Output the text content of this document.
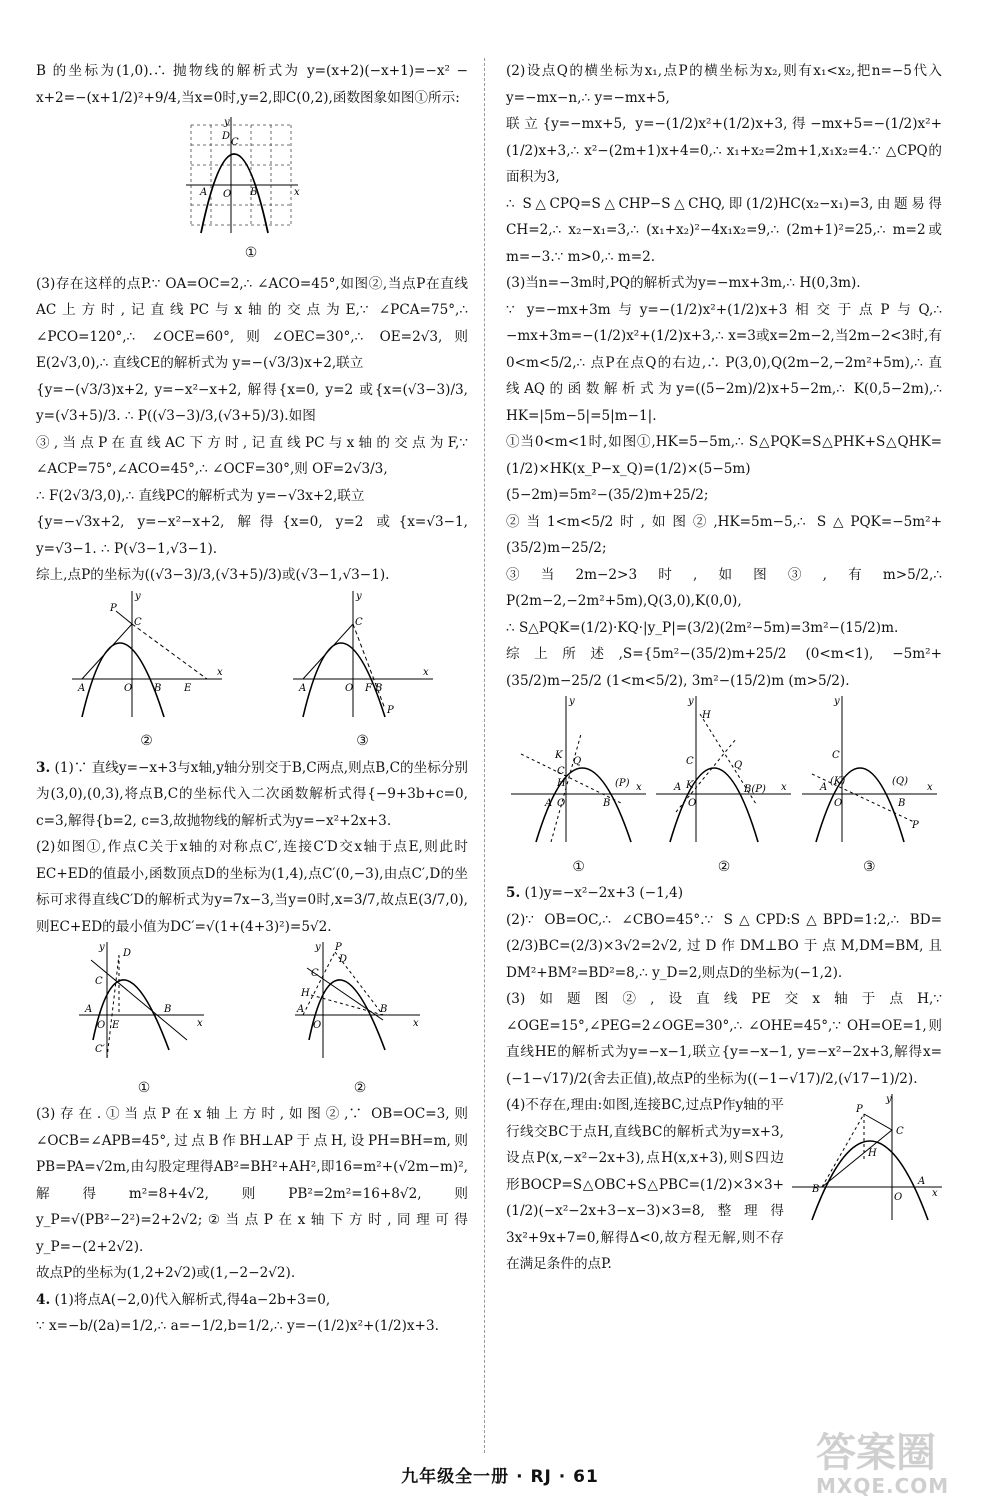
B 的坐标为(1,0).∴ 抛物线的解析式为 y=(x+2)(−x+1)=−x² − x+2=−(x+1/2)²+9/4,当x=0时,y=2,即C(0,2),函数图象如图①所示:

x
y
A	B
C
D
O
①

(3)存在这样的点P.∵ OA=OC=2,∴ ∠ACO=45°,如图②,当点P在直线AC上方时,记直线PC与x轴的交点为E,∵ ∠PCA=75°,∴ ∠PCO=120°,∴ ∠OCE=60°,则∠OEC=30°,∴ OE=2√3,则E(2√3,0),∴ 直线CE的解析式为 y=−(√3/3)x+2,联立

{y=−(√3/3)x+2, y=−x²−x+2, 解得{x=0, y=2 或{x=(√3−3)/3, y=(√3+5)/3. ∴ P((√3−3)/3,(√3+5)/3).如图

③,当点P在直线AC下方时,记直线PC与x轴的交点为F,∵ ∠ACP=75°,∠ACO=45°,∴ ∠OCF=30°,则 OF=2√3/3,

∴ F(2√3/3,0),∴ 直线PC的解析式为 y=−√3x+2,联立

{y=−√3x+2, y=−x²−x+2, 解得{x=0, y=2 或{x=√3−1, y=√3−1. ∴ P(√3−1,√3−1).

综上,点P的坐标为((√3−3)/3,(√3+5)/3)或(√3−1,√3−1).

x
y
A	O B E
C
P
②
x
y
A	O F B
C
P
③

3. (1)∵ 直线y=−x+3与x轴,y轴分别交于B,C两点,则点B,C的坐标分别为(3,0),(0,3),将点B,C的坐标代入二次函数解析式得{−9+3b+c=0, c=3,解得{b=2, c=3,故抛物线的解析式为y=−x²+2x+3.

(2)如图①,作点C关于x轴的对称点C′,连接C′D交x轴于点E,则此时EC+ED的值最小,函数顶点D的坐标为(1,4),点C′(0,−3),由点C′,D的坐标可求得直线C′D的解析式为y=7x−3,当y=0时,x=3/7,故点E(3/7,0),则EC+ED的最小值为DC′=√(1+(4+3)²)=5√2.

x
y
A
O E
B
C
D
C′
①
x
y
A
H
O
B
C
D
P
②

(3)存在.①当点P在x轴上方时,如图②,∵ OB=OC=3,则∠OCB=∠APB=45°,过点B作BH⊥AP于点H,设PH=BH=m,则PB=PA=√2m,由勾股定理得AB²=BH²+AH²,即16=m²+(√2m−m)²,解得m²=8+4√2,则PB²=2m²=16+8√2,则y_P=√(PB²−2²)=2+2√2;②当点P在x轴下方时,同理可得y_P=−(2+2√2).

故点P的坐标为(1,2+2√2)或(1,−2−2√2).

4. (1)将点A(−2,0)代入解析式,得4a−2b+3=0,

∵ x=−b/(2a)=1/2,∴ a=−1/2,b=1/2,∴ y=−(1/2)x²+(1/2)x+3.

(2)设点Q的横坐标为x₁,点P的横坐标为x₂,则有x₁<x₂,把n=−5代入y=−mx−n,∴ y=−mx+5,

联立{y=−mx+5, y=−(1/2)x²+(1/2)x+3,得−mx+5=−(1/2)x²+(1/2)x+3,∴ x²−(2m+1)x+4=0,∴ x₁+x₂=2m+1,x₁x₂=4.∵ △CPQ的面积为3,

∴ S△CPQ=S△CHP−S△CHQ,即(1/2)HC(x₂−x₁)=3,由题易得CH=2,∴ x₂−x₁=3,∴ (x₁+x₂)²−4x₁x₂=9,∴ (2m+1)²=25,∴ m=2或m=−3.∵ m>0,∴ m=2.

(3)当n=−3m时,PQ的解析式为y=−mx+3m,∴ H(0,3m).

∵ y=−mx+3m与y=−(1/2)x²+(1/2)x+3相交于点P与Q,∴ −mx+3m=−(1/2)x²+(1/2)x+3,∴ x=3或x=2m−2,当2m−2<3时,有0<m<5/2,∴ 点P在点Q的右边,∴ P(3,0),Q(2m−2,−2m²+5m),∴ 直线AQ的函数解析式为y=((5−2m)/2)x+5−2m,∴ K(0,5−2m),∴ HK=|5m−5|=5|m−1|.

①当0<m<1时,如图①,HK=5−5m,∴ S△PQK=S△PHK+S△QHK=(1/2)×HK(x_P−x_Q)=(1/2)×(5−5m)(5−2m)=5m²−(35/2)m+25/2;

②当1<m<5/2时,如图②,HK=5m−5,∴ S△PQK=−5m²+(35/2)m−25/2;

③当2m−2>3时,如图③,有m>5/2,∴ P(2m−2,−2m²+5m),Q(3,0),K(0,0),

∴ S△PQK=(1/2)·KQ·|y_P|=(3/2)(2m²−5m)=3m²−(15/2)m.

综上所述,S={5m²−(35/2)m+25/2 (0<m<1), −5m²+(35/2)m−25/2 (1<m<5/2), 3m²−(15/2)m (m>5/2).

x
y
A O	B
(P)
K
C
H
Q
①
x
y
H
A
O
B(P)
C
K
Q
②
x
y
A
O
(K)
C
(Q)
B
P
③

5. (1)y=−x²−2x+3 (−1,4)

(2)∵ OB=OC,∴ ∠CBO=45°.∵ S△CPD:S△BPD=1:2,∴ BD=(2/3)BC=(2/3)×3√2=2√2,过D作DM⊥BO于点M,DM=BM,且DM²+BM²=BD²=8,∴ y_D=2,则点D的坐标为(−1,2).

(3)如题图②,设直线PE交x轴于点H,∵ ∠OGE=15°,∠PEG=2∠OGE=30°,∴ ∠OHE=45°,∵ OH=OE=1,则直线HE的解析式为y=−x−1,联立{y=−x−1, y=−x²−2x+3,解得x=(−1−√17)/2(舍去正值),故点P的坐标为((−1−√17)/2,(√17−1)/2).

x
y
B
O
A
C
P
H

(4)不存在,理由:如图,连接BC,过点P作y轴的平行线交BC于点H,直线BC的解析式为y=x+3,设点P(x,−x²−2x+3),点H(x,x+3),则S四边形BOCP=S△OBC+S△PBC=(1/2)×3×3+(1/2)(−x²−2x+3−x−3)×3=8,整理得3x²+9x+7=0,解得Δ<0,故方程无解,则不存在满足条件的点P.

九年级全一册 · RJ · 61
答案圈
MXQE.COM
